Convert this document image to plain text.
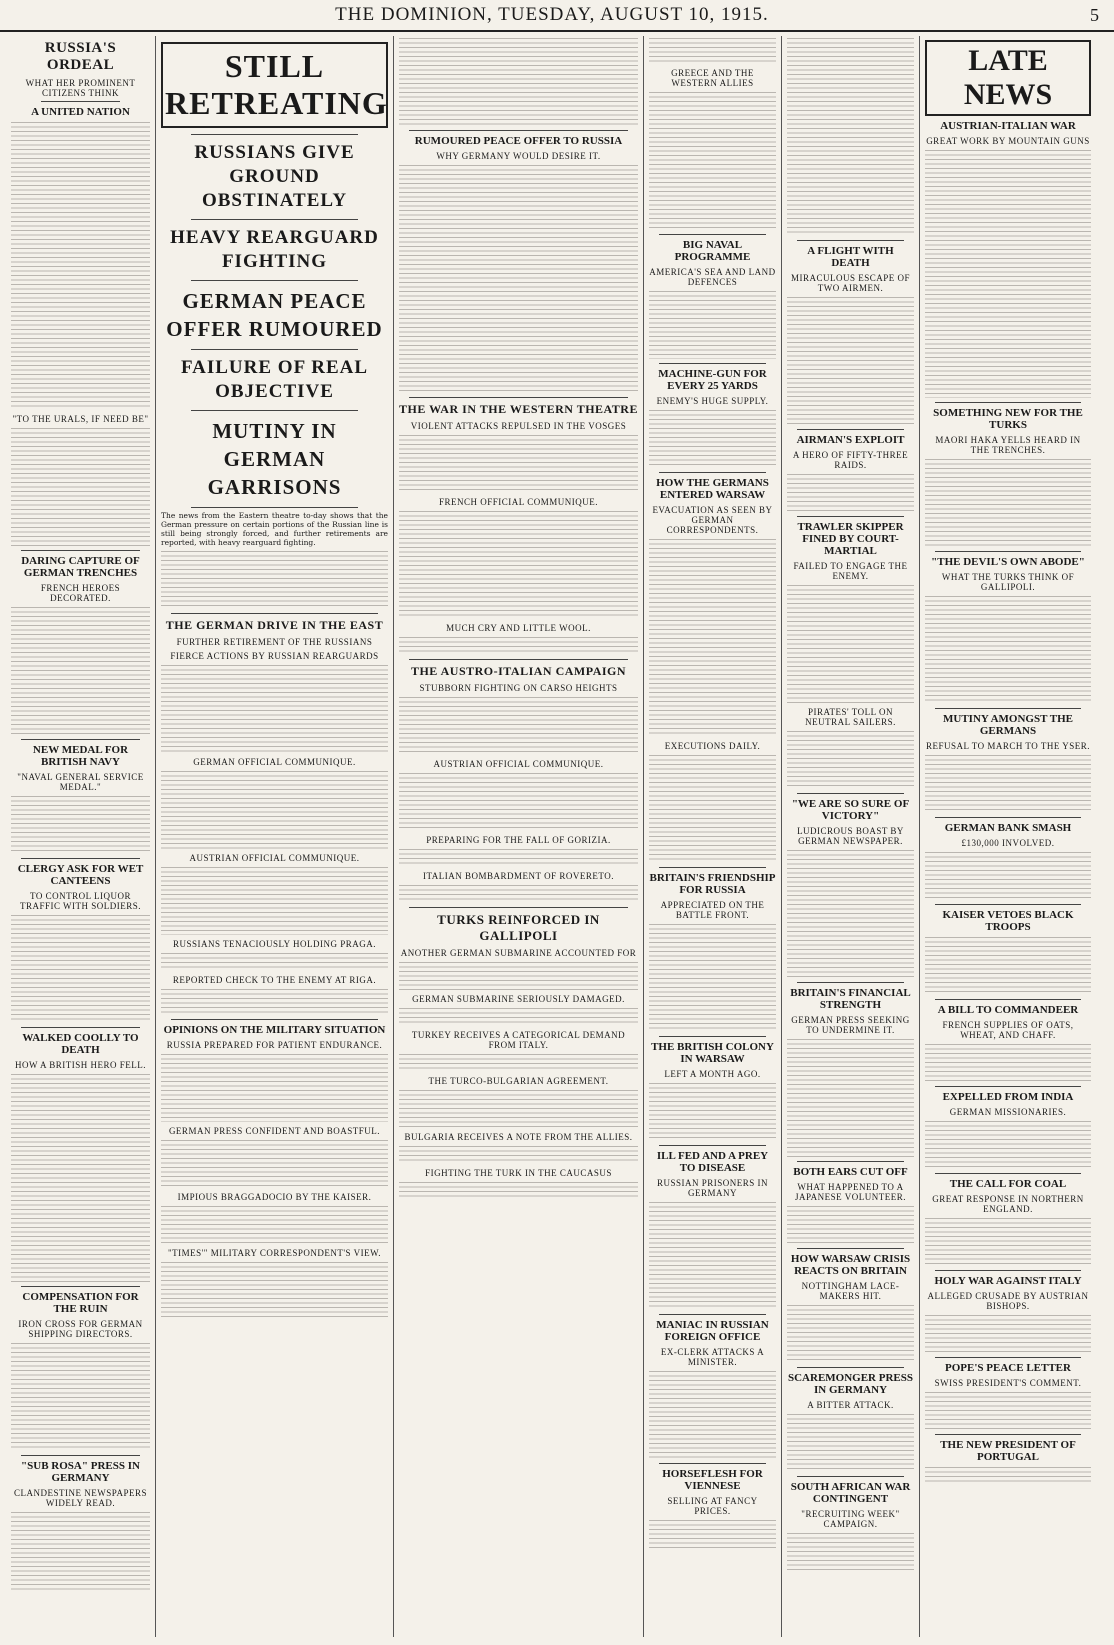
THE DOMINION, TUESDAY, AUGUST 10, 1915.	5
RUSSIA'S ORDEAL
WHAT HER PROMINENT CITIZENS THINK
A UNITED NATION
"TO THE URALS, IF NEED BE"
DARING CAPTURE OF GERMAN TRENCHES
FRENCH HEROES DECORATED.
NEW MEDAL FOR BRITISH NAVY
"NAVAL GENERAL SERVICE MEDAL."
CLERGY ASK FOR WET CANTEENS
TO CONTROL LIQUOR TRAFFIC WITH SOLDIERS.
WALKED COOLLY TO DEATH
HOW A BRITISH HERO FELL.
COMPENSATION FOR THE RUIN
IRON CROSS FOR GERMAN SHIPPING DIRECTORS.
"SUB ROSA" PRESS IN GERMANY
CLANDESTINE NEWSPAPERS WIDELY READ.
STILL RETREATING
RUSSIANS GIVE GROUND OBSTINATELY
HEAVY REARGUARD FIGHTING
GERMAN PEACE OFFER RUMOURED
FAILURE OF REAL OBJECTIVE
MUTINY IN GERMAN GARRISONS
The news from the Eastern theatre to-day shows that the German pressure on certain portions of the Russian line is still being strongly forced, and further retirements are reported, with heavy rearguard fighting.
THE GERMAN DRIVE IN THE EAST
FURTHER RETIREMENT OF THE RUSSIANS
FIERCE ACTIONS BY RUSSIAN REARGUARDS
GERMAN OFFICIAL COMMUNIQUE.
AUSTRIAN OFFICIAL COMMUNIQUE.
RUSSIANS TENACIOUSLY HOLDING PRAGA.
REPORTED CHECK TO THE ENEMY AT RIGA.
OPINIONS ON THE MILITARY SITUATION
RUSSIA PREPARED FOR PATIENT ENDURANCE.
GERMAN PRESS CONFIDENT AND BOASTFUL.
IMPIOUS BRAGGADOCIO BY THE KAISER.
"TIMES'" MILITARY CORRESPONDENT'S VIEW.
RUMOURED PEACE OFFER TO RUSSIA
WHY GERMANY WOULD DESIRE IT.
THE WAR IN THE WESTERN THEATRE
VIOLENT ATTACKS REPULSED IN THE VOSGES
FRENCH OFFICIAL COMMUNIQUE.
MUCH CRY AND LITTLE WOOL.
THE AUSTRO-ITALIAN CAMPAIGN
STUBBORN FIGHTING ON CARSO HEIGHTS
AUSTRIAN OFFICIAL COMMUNIQUE.
PREPARING FOR THE FALL OF GORIZIA.
ITALIAN BOMBARDMENT OF ROVERETO.
TURKS REINFORCED IN GALLIPOLI
ANOTHER GERMAN SUBMARINE ACCOUNTED FOR
GERMAN SUBMARINE SERIOUSLY DAMAGED.
TURKEY RECEIVES A CATEGORICAL DEMAND FROM ITALY.
THE TURCO-BULGARIAN AGREEMENT.
BULGARIA RECEIVES A NOTE FROM THE ALLIES.
FIGHTING THE TURK IN THE CAUCASUS
GREECE AND THE WESTERN ALLIES
BIG NAVAL PROGRAMME
AMERICA'S SEA AND LAND DEFENCES
MACHINE-GUN FOR EVERY 25 YARDS
ENEMY'S HUGE SUPPLY.
HOW THE GERMANS ENTERED WARSAW
EVACUATION AS SEEN BY GERMAN CORRESPONDENTS.
EXECUTIONS DAILY.
BRITAIN'S FRIENDSHIP FOR RUSSIA
APPRECIATED ON THE BATTLE FRONT.
THE BRITISH COLONY IN WARSAW
LEFT A MONTH AGO.
ILL FED AND A PREY TO DISEASE
RUSSIAN PRISONERS IN GERMANY
MANIAC IN RUSSIAN FOREIGN OFFICE
EX-CLERK ATTACKS A MINISTER.
HORSEFLESH FOR VIENNESE
SELLING AT FANCY PRICES.
A FLIGHT WITH DEATH
MIRACULOUS ESCAPE OF TWO AIRMEN.
AIRMAN'S EXPLOIT
A HERO OF FIFTY-THREE RAIDS.
TRAWLER SKIPPER FINED BY COURT-MARTIAL
FAILED TO ENGAGE THE ENEMY.
PIRATES' TOLL ON NEUTRAL SAILERS.
"WE ARE SO SURE OF VICTORY"
LUDICROUS BOAST BY GERMAN NEWSPAPER.
BRITAIN'S FINANCIAL STRENGTH
GERMAN PRESS SEEKING TO UNDERMINE IT.
BOTH EARS CUT OFF
WHAT HAPPENED TO A JAPANESE VOLUNTEER.
HOW WARSAW CRISIS REACTS ON BRITAIN
NOTTINGHAM LACE-MAKERS HIT.
SCAREMONGER PRESS IN GERMANY
A BITTER ATTACK.
SOUTH AFRICAN WAR CONTINGENT
"RECRUITING WEEK" CAMPAIGN.
LATE NEWS
AUSTRIAN-ITALIAN WAR
GREAT WORK BY MOUNTAIN GUNS
SOMETHING NEW FOR THE TURKS
MAORI HAKA YELLS HEARD IN THE TRENCHES.
"THE DEVIL'S OWN ABODE"
WHAT THE TURKS THINK OF GALLIPOLI.
MUTINY AMONGST THE GERMANS
REFUSAL TO MARCH TO THE YSER.
GERMAN BANK SMASH
£130,000 INVOLVED.
KAISER VETOES BLACK TROOPS
A BILL TO COMMANDEER
FRENCH SUPPLIES OF OATS, WHEAT, AND CHAFF.
EXPELLED FROM INDIA
GERMAN MISSIONARIES.
THE CALL FOR COAL
GREAT RESPONSE IN NORTHERN ENGLAND.
HOLY WAR AGAINST ITALY
ALLEGED CRUSADE BY AUSTRIAN BISHOPS.
POPE'S PEACE LETTER
SWISS PRESIDENT'S COMMENT.
THE NEW PRESIDENT OF PORTUGAL
